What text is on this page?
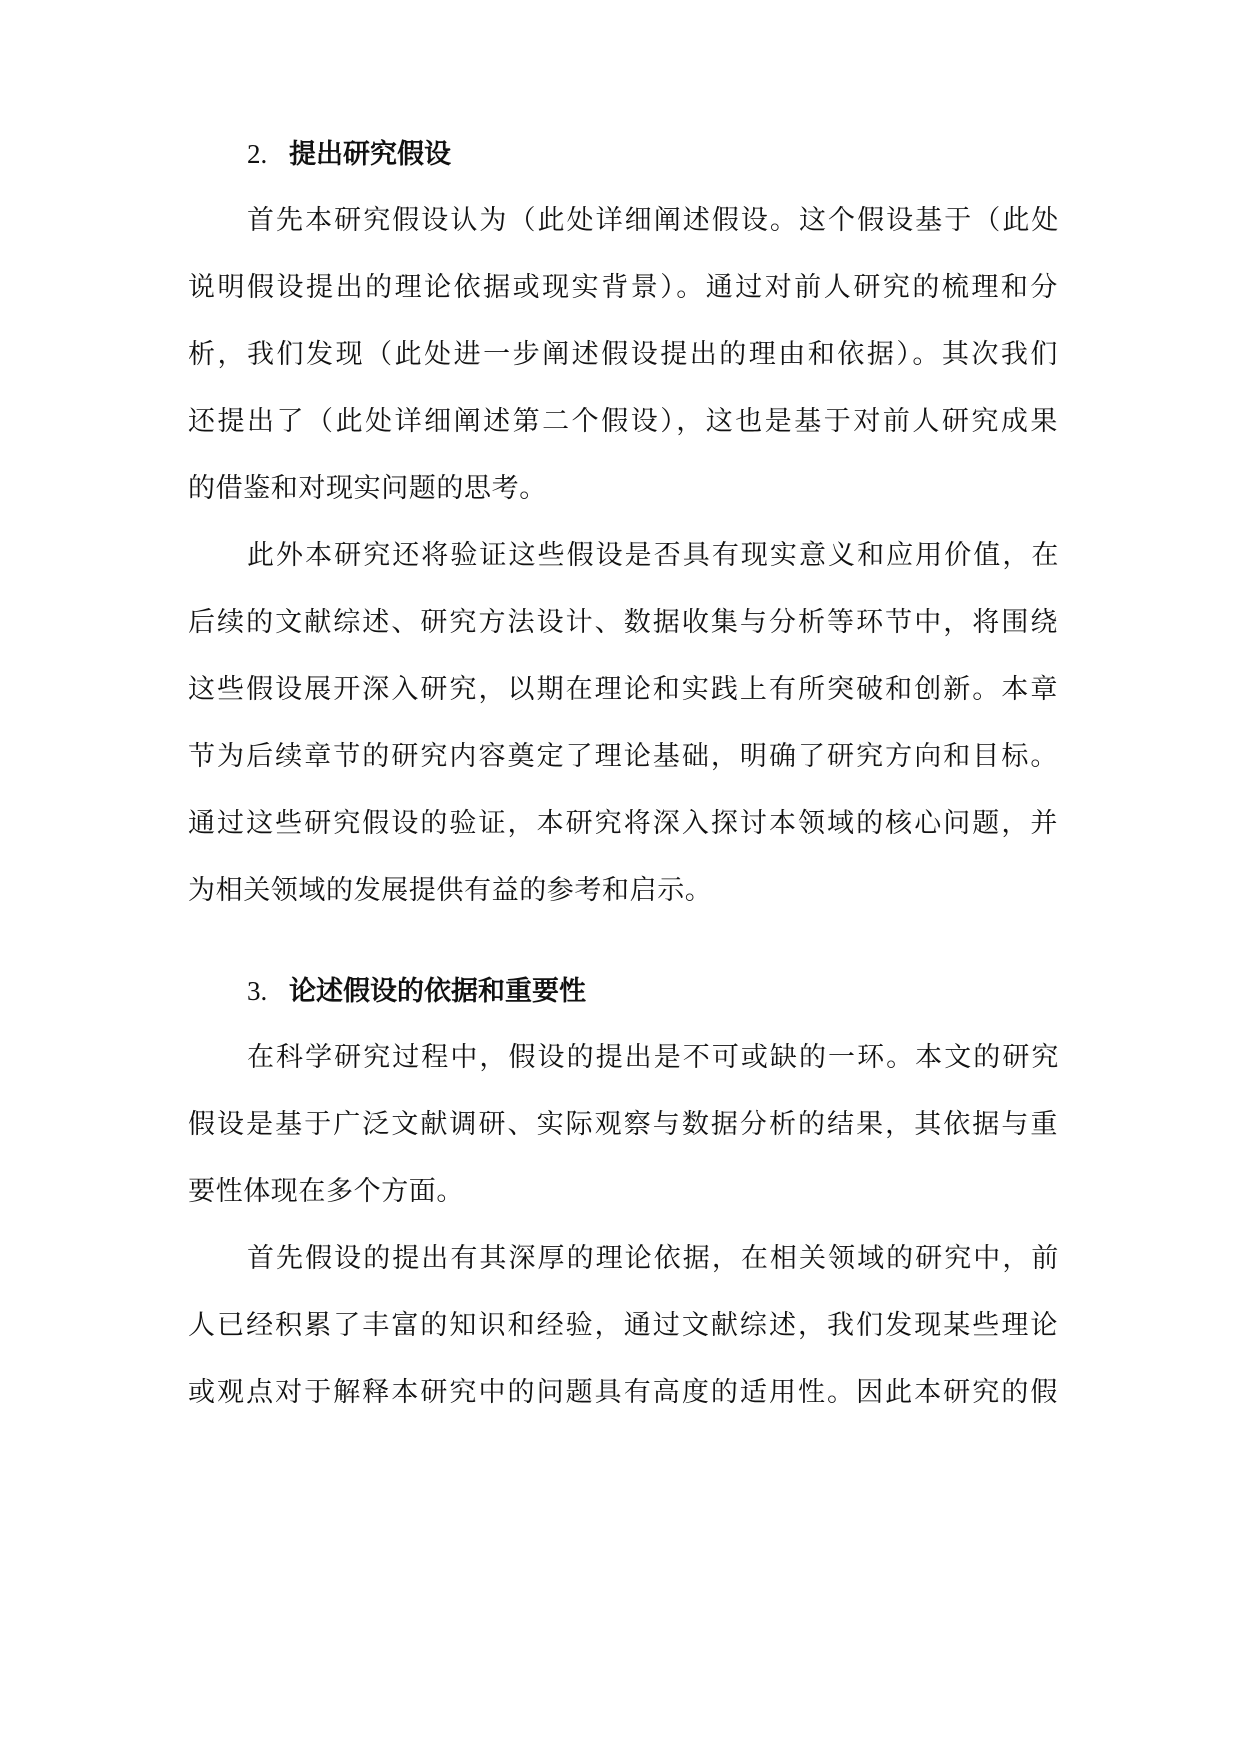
2. 提出研究假设
首先本研究假设认为（此处详细阐述假设。这个假设基于（此处
说明假设提出的理论依据或现实背景）。通过对前人研究的梳理和分
析，我们发现（此处进一步阐述假设提出的理由和依据）。其次我们
还提出了（此处详细阐述第二个假设），这也是基于对前人研究成果
的借鉴和对现实问题的思考。
此外本研究还将验证这些假设是否具有现实意义和应用价值，在
后续的文献综述、研究方法设计、数据收集与分析等环节中，将围绕
这些假设展开深入研究，以期在理论和实践上有所突破和创新。本章
节为后续章节的研究内容奠定了理论基础，明确了研究方向和目标。
通过这些研究假设的验证，本研究将深入探讨本领域的核心问题，并
为相关领域的发展提供有益的参考和启示。
3. 论述假设的依据和重要性
在科学研究过程中，假设的提出是不可或缺的一环。本文的研究
假设是基于广泛文献调研、实际观察与数据分析的结果，其依据与重
要性体现在多个方面。
首先假设的提出有其深厚的理论依据，在相关领域的研究中，前
人已经积累了丰富的知识和经验，通过文献综述，我们发现某些理论
或观点对于解释本研究中的问题具有高度的适用性。因此本研究的假
